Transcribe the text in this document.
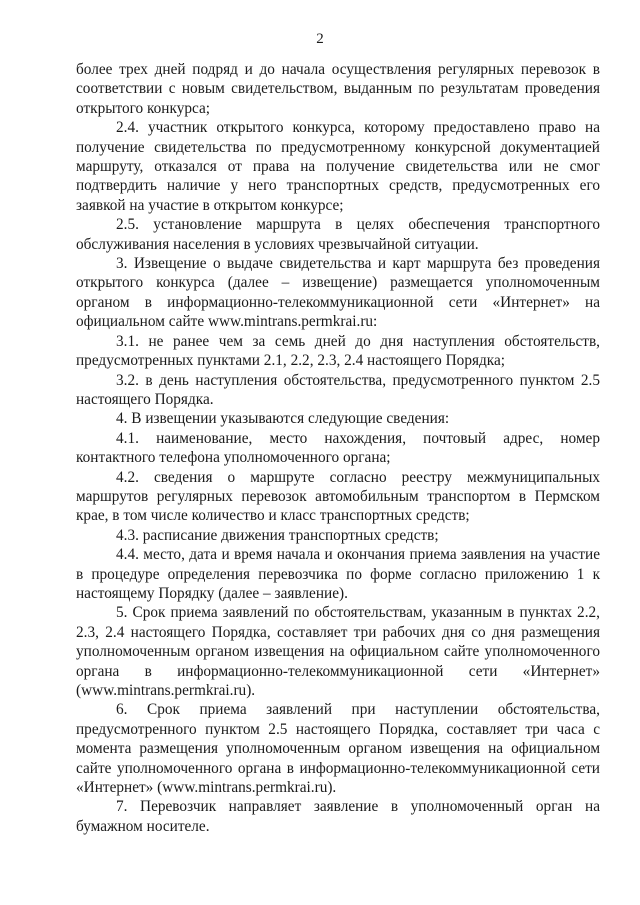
2

более трех дней подряд и до начала осуществления регулярных перевозок в соответствии с новым свидетельством, выданным по результатам проведения открытого конкурса;

2.4. участник открытого конкурса, которому предоставлено право на получение свидетельства по предусмотренному конкурсной документацией маршруту, отказался от права на получение свидетельства или не смог подтвердить наличие у него транспортных средств, предусмотренных его заявкой на участие в открытом конкурсе;

2.5. установление маршрута в целях обеспечения транспортного обслуживания населения в условиях чрезвычайной ситуации.

3. Извещение о выдаче свидетельства и карт маршрута без проведения открытого конкурса (далее – извещение) размещается уполномоченным органом в информационно-телекоммуникационной сети «Интернет» на официальном сайте www.mintrans.permkrai.ru:

3.1. не ранее чем за семь дней до дня наступления обстоятельств, предусмотренных пунктами 2.1, 2.2, 2.3, 2.4 настоящего Порядка;

3.2. в день наступления обстоятельства, предусмотренного пунктом 2.5 настоящего Порядка.

4. В извещении указываются следующие сведения:

4.1. наименование, место нахождения, почтовый адрес, номер контактного телефона уполномоченного органа;

4.2. сведения о маршруте согласно реестру межмуниципальных маршрутов регулярных перевозок автомобильным транспортом в Пермском крае, в том числе количество и класс транспортных средств;

4.3. расписание движения транспортных средств;

4.4. место, дата и время начала и окончания приема заявления на участие в процедуре определения перевозчика по форме согласно приложению 1 к настоящему Порядку (далее – заявление).

5. Срок приема заявлений по обстоятельствам, указанным в пунктах 2.2, 2.3, 2.4 настоящего Порядка, составляет три рабочих дня со дня размещения уполномоченным органом извещения на официальном сайте уполномоченного органа в информационно-телекоммуникационной сети «Интернет» (www.mintrans.permkrai.ru).

6. Срок приема заявлений при наступлении обстоятельства, предусмотренного пунктом 2.5 настоящего Порядка, составляет три часа с момента размещения уполномоченным органом извещения на официальном сайте уполномоченного органа в информационно-телекоммуникационной сети «Интернет» (www.mintrans.permkrai.ru).

7. Перевозчик направляет заявление в уполномоченный орган на бумажном носителе.
